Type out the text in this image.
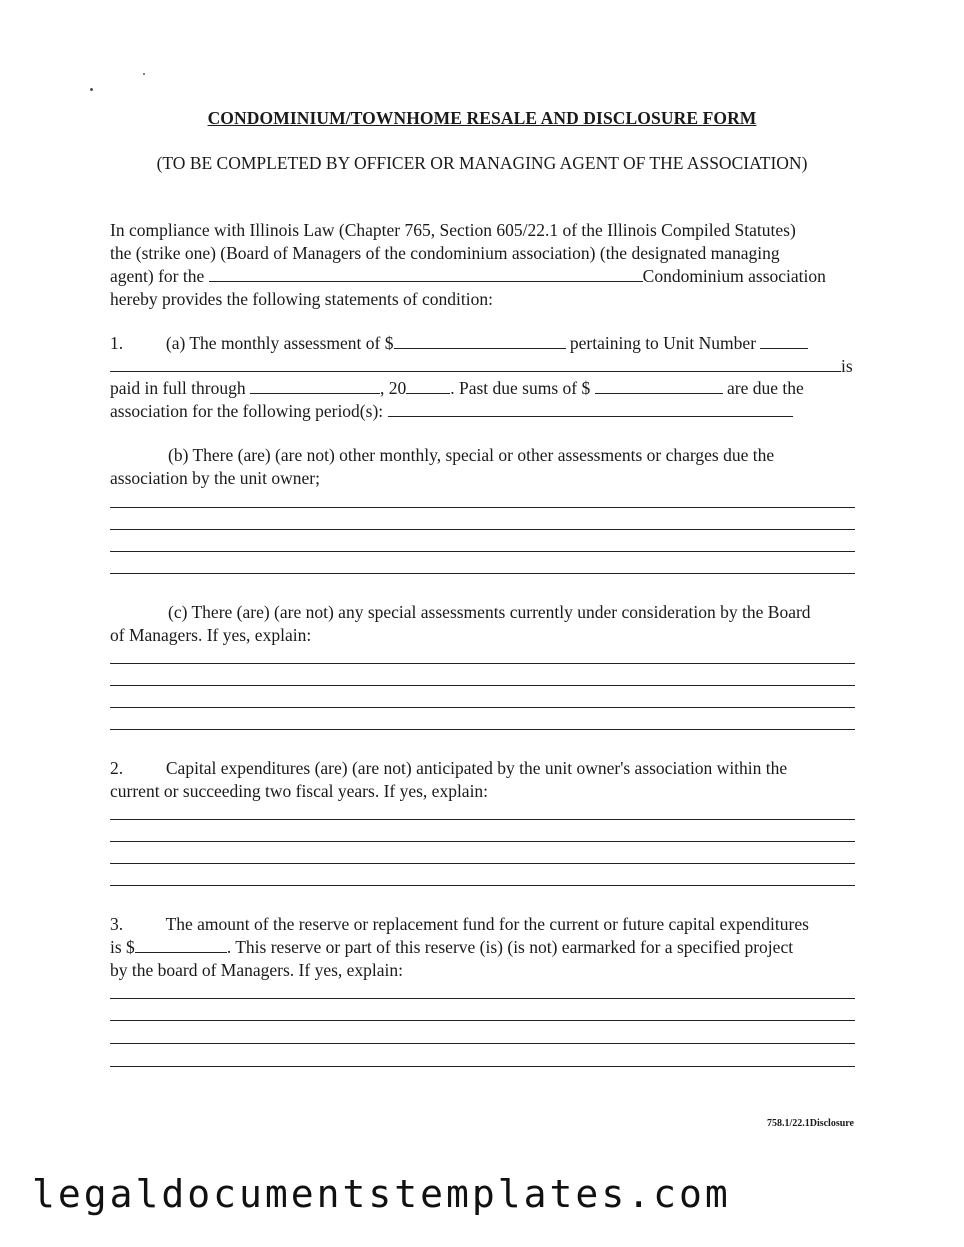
CONDOMINIUM/TOWNHOME RESALE AND DISCLOSURE FORM
(TO BE COMPLETED BY OFFICER OR MANAGING AGENT OF THE ASSOCIATION)
In compliance with Illinois Law (Chapter 765, Section 605/22.1 of the Illinois Compiled Statutes)
the (strike one) (Board of Managers of the condominium association) (the designated managing
agent) for the	Condominium association
hereby provides the following statements of condition:
1. (a) The monthly assessment of $	pertaining to Unit Number
is
paid in full through	, 20	. Past due sums of $	are due the
association for the following period(s):
(b) There (are) (are not) other monthly, special or other assessments or charges due the
association by the unit owner;
(c) There (are) (are not) any special assessments currently under consideration by the Board
of Managers. If yes, explain:
2. Capital expenditures (are) (are not) anticipated by the unit owner's association within the
current or succeeding two fiscal years. If yes, explain:
3. The amount of the reserve or replacement fund for the current or future capital expenditures
is $	. This reserve or part of this reserve (is) (is not) earmarked for a specified project
by the board of Managers. If yes, explain:
758.1/22.1Disclosure
legaldocumentstemplates.com
